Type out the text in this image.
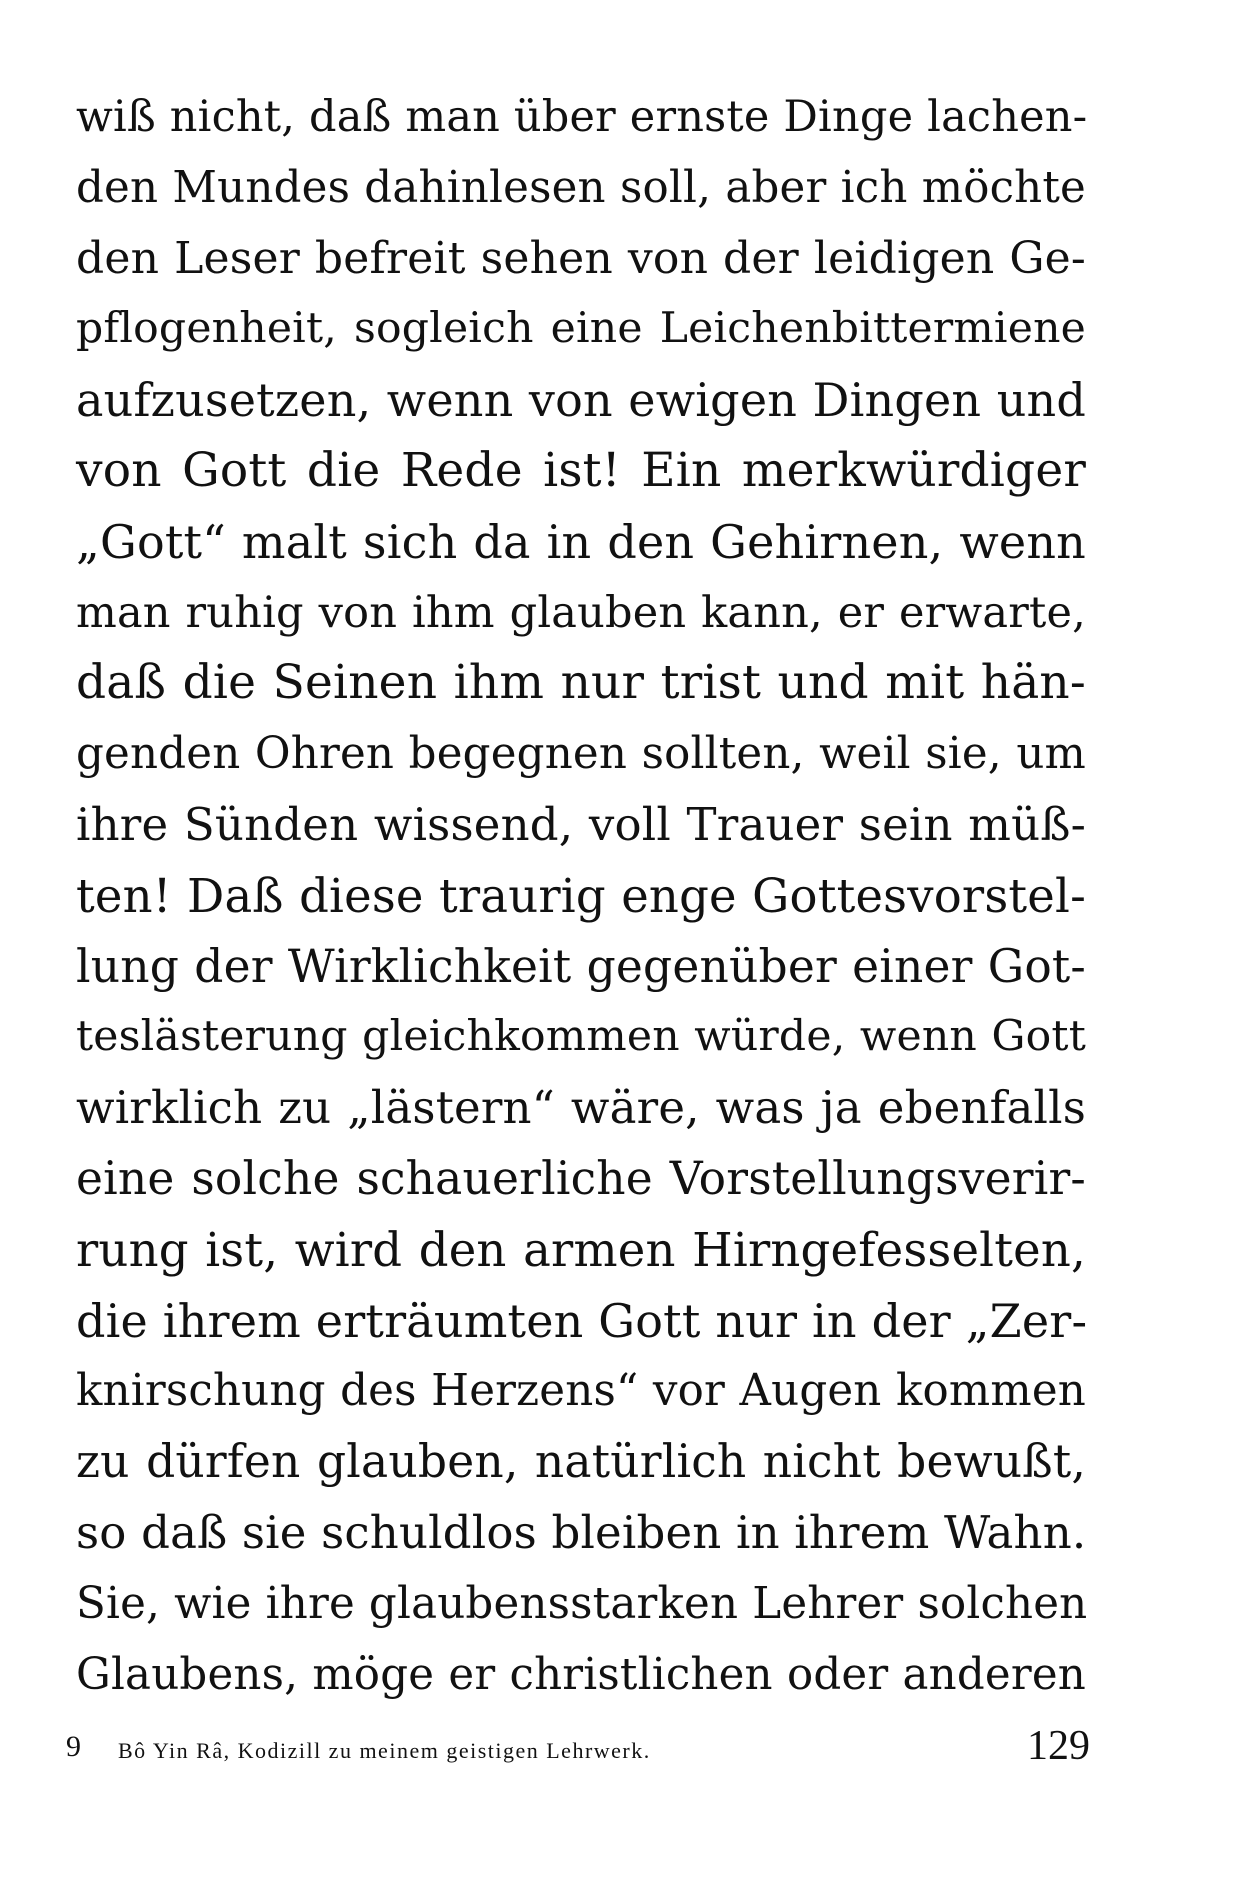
wiß nicht, daß man über ernste Dinge lachen-
den Mundes dahinlesen soll, aber ich möchte
den Leser befreit sehen von der leidigen Ge-
pflogenheit, sogleich eine Leichenbittermiene
aufzusetzen, wenn von ewigen Dingen und
von Gott die Rede ist! Ein merkwürdiger
„Gott“ malt sich da in den Gehirnen, wenn
man ruhig von ihm glauben kann, er erwarte,
daß die Seinen ihm nur trist und mit hän-
genden Ohren begegnen sollten, weil sie, um
ihre Sünden wissend, voll Trauer sein müß-
ten! Daß diese traurig enge Gottesvorstel-
lung der Wirklichkeit gegenüber einer Got-
teslästerung gleichkommen würde, wenn Gott
wirklich zu „lästern“ wäre, was ja ebenfalls
eine solche schauerliche Vorstellungsverir-
rung ist, wird den armen Hirngefesselten,
die ihrem erträumten Gott nur in der „Zer-
knirschung des Herzens“ vor Augen kommen
zu dürfen glauben, natürlich nicht bewußt,
so daß sie schuldlos bleiben in ihrem Wahn.
Sie, wie ihre glaubensstarken Lehrer solchen
Glaubens, möge er christlichen oder anderen
9 Bô Yin Râ, Kodizill zu meinem geistigen Lehrwerk.	129
